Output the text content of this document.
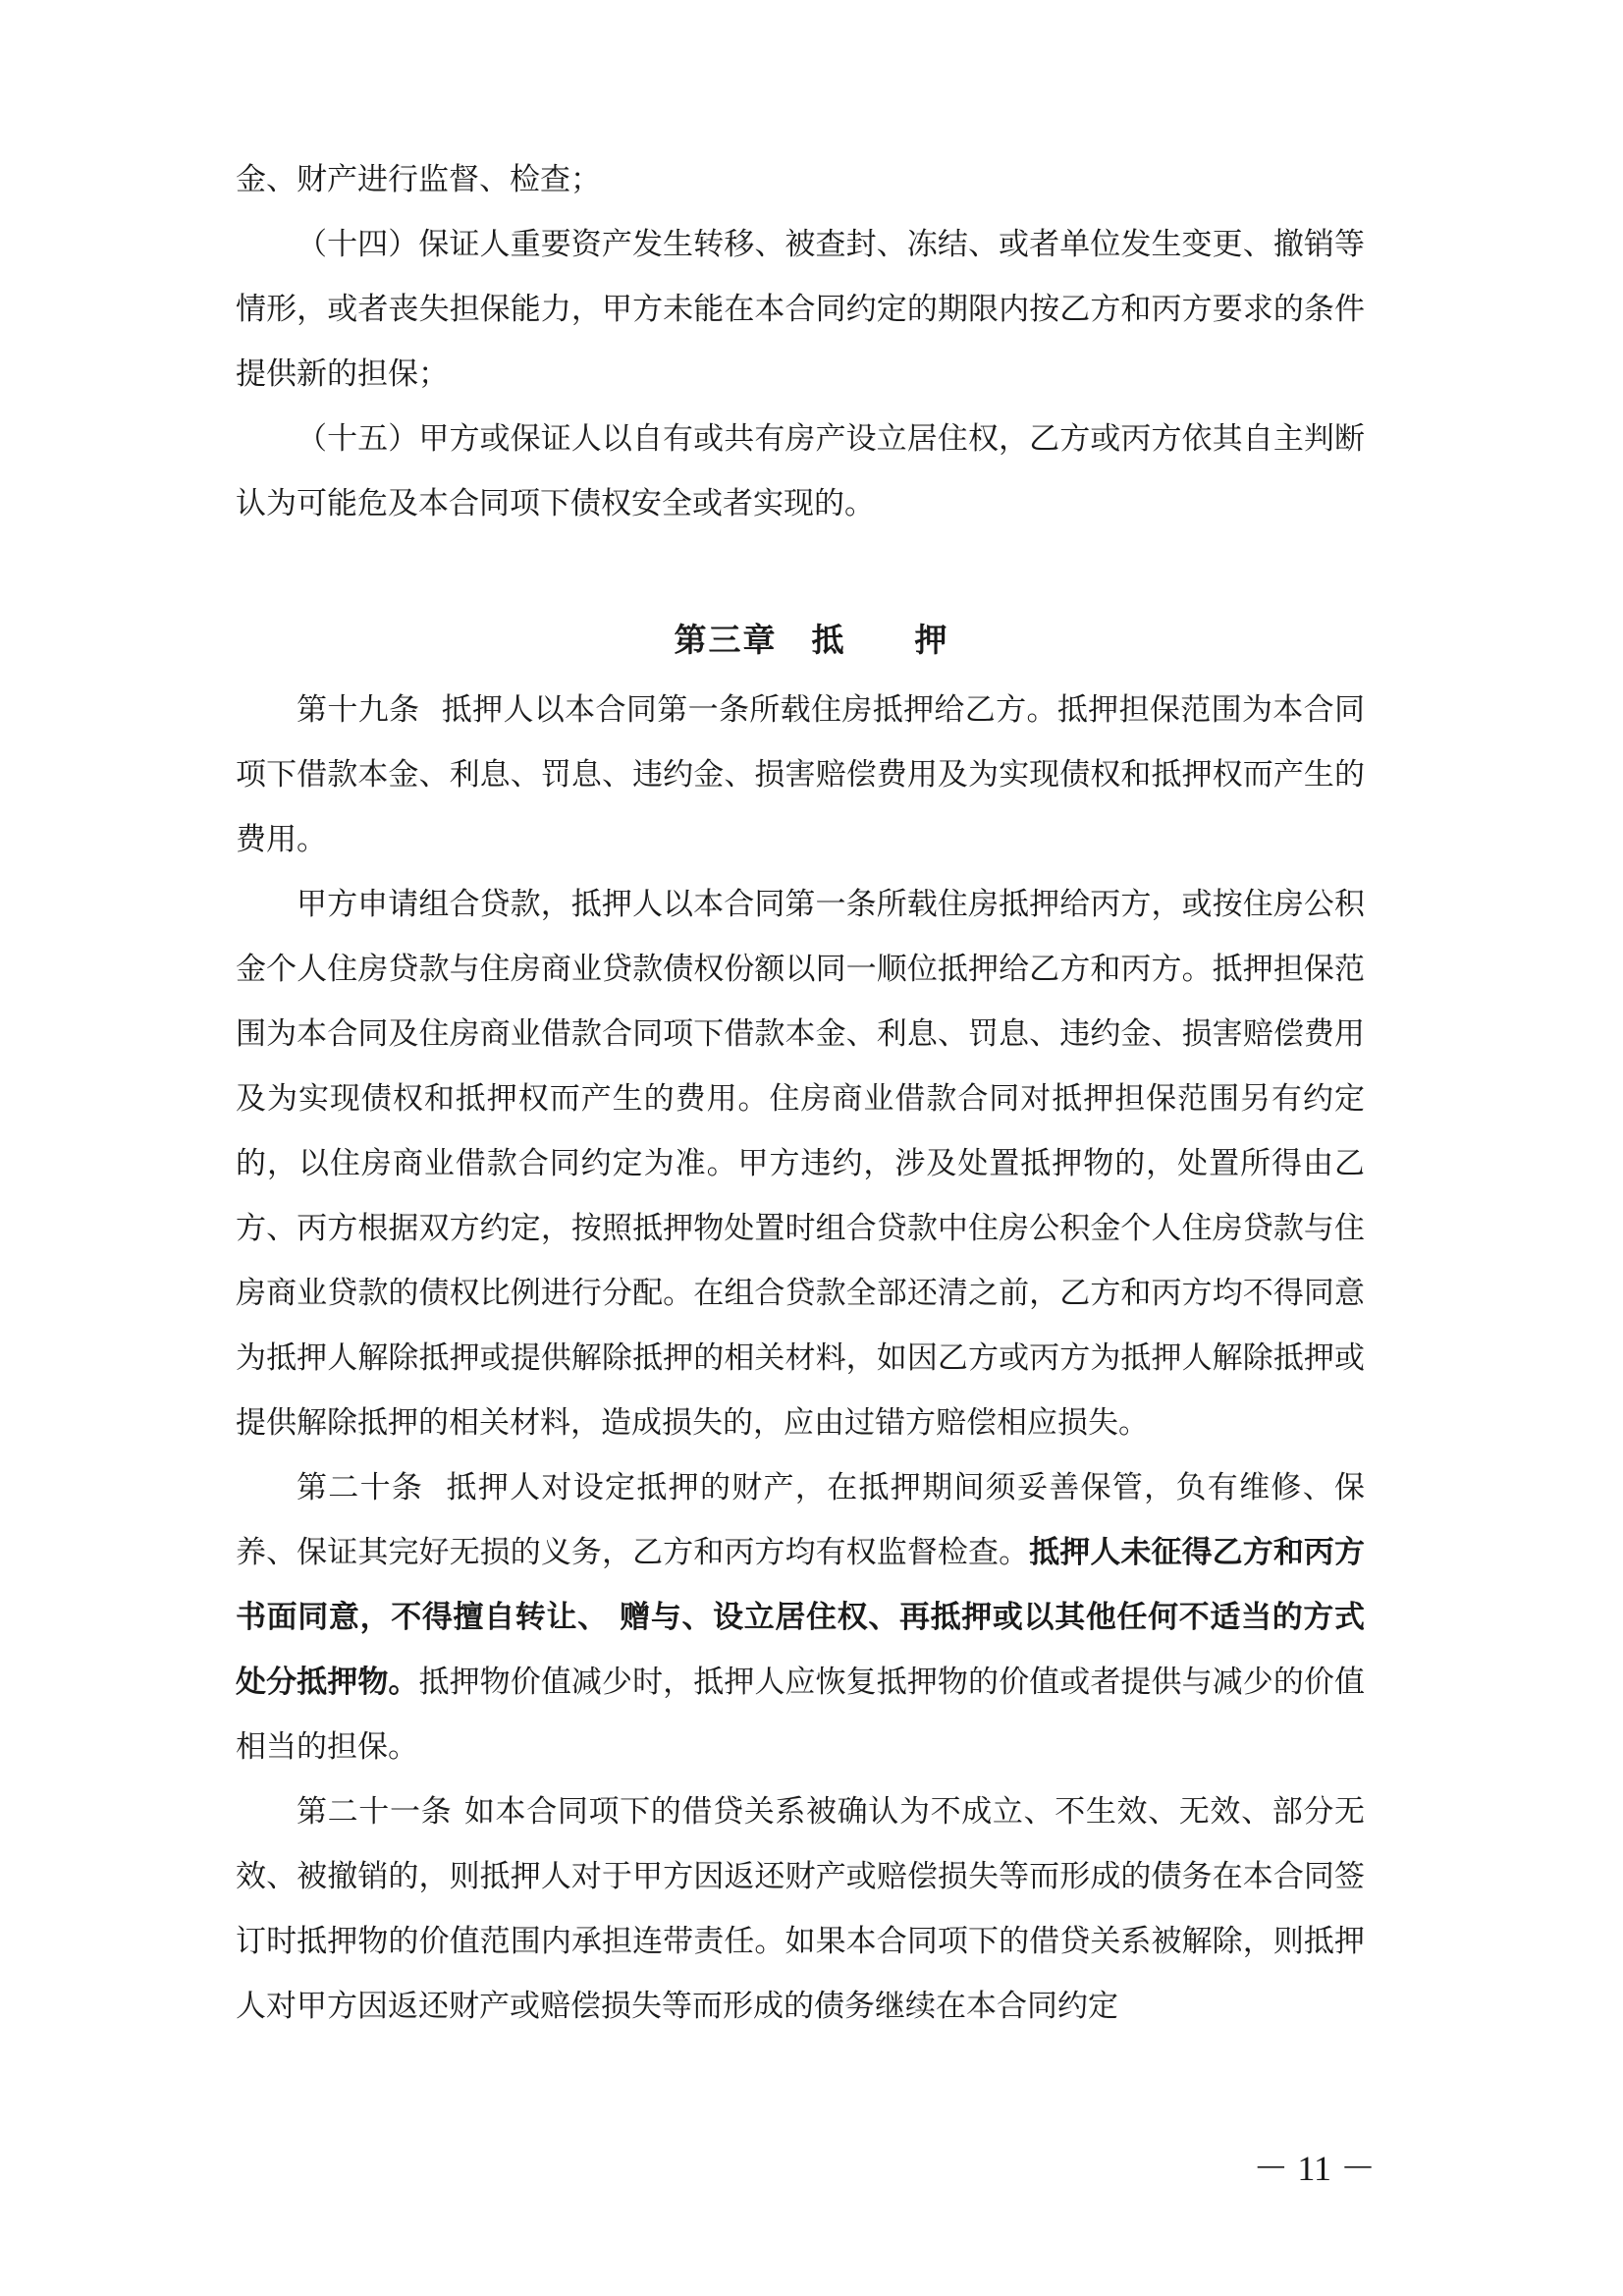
金、财产进行监督、检查；

（十四）保证人重要资产发生转移、被查封、冻结、或者单位发生变更、撤销等情形，或者丧失担保能力，甲方未能在本合同约定的期限内按乙方和丙方要求的条件提供新的担保；

（十五）甲方或保证人以自有或共有房产设立居住权，乙方或丙方依其自主判断认为可能危及本合同项下债权安全或者实现的。

第三章　抵　　押

第十九条 抵押人以本合同第一条所载住房抵押给乙方。抵押担保范围为本合同项下借款本金、利息、罚息、违约金、损害赔偿费用及为实现债权和抵押权而产生的费用。

甲方申请组合贷款，抵押人以本合同第一条所载住房抵押给丙方，或按住房公积金个人住房贷款与住房商业贷款债权份额以同一顺位抵押给乙方和丙方。抵押担保范围为本合同及住房商业借款合同项下借款本金、利息、罚息、违约金、损害赔偿费用及为实现债权和抵押权而产生的费用。住房商业借款合同对抵押担保范围另有约定的，以住房商业借款合同约定为准。甲方违约，涉及处置抵押物的，处置所得由乙方、丙方根据双方约定，按照抵押物处置时组合贷款中住房公积金个人住房贷款与住房商业贷款的债权比例进行分配。在组合贷款全部还清之前，乙方和丙方均不得同意为抵押人解除抵押或提供解除抵押的相关材料，如因乙方或丙方为抵押人解除抵押或提供解除抵押的相关材料，造成损失的，应由过错方赔偿相应损失。

第二十条 抵押人对设定抵押的财产，在抵押期间须妥善保管，负有维修、保养、保证其完好无损的义务，乙方和丙方均有权监督检查。抵押人未征得乙方和丙方书面同意，不得擅自转让、 赠与、设立居住权、再抵押或以其他任何不适当的方式处分抵押物。抵押物价值减少时，抵押人应恢复抵押物的价值或者提供与减少的价值相当的担保。

第二十一条 如本合同项下的借贷关系被确认为不成立、不生效、无效、部分无效、被撤销的，则抵押人对于甲方因返还财产或赔偿损失等而形成的债务在本合同签订时抵押物的价值范围内承担连带责任。如果本合同项下的借贷关系被解除，则抵押人对甲方因返还财产或赔偿损失等而形成的债务继续在本合同约定

－ 11 －
